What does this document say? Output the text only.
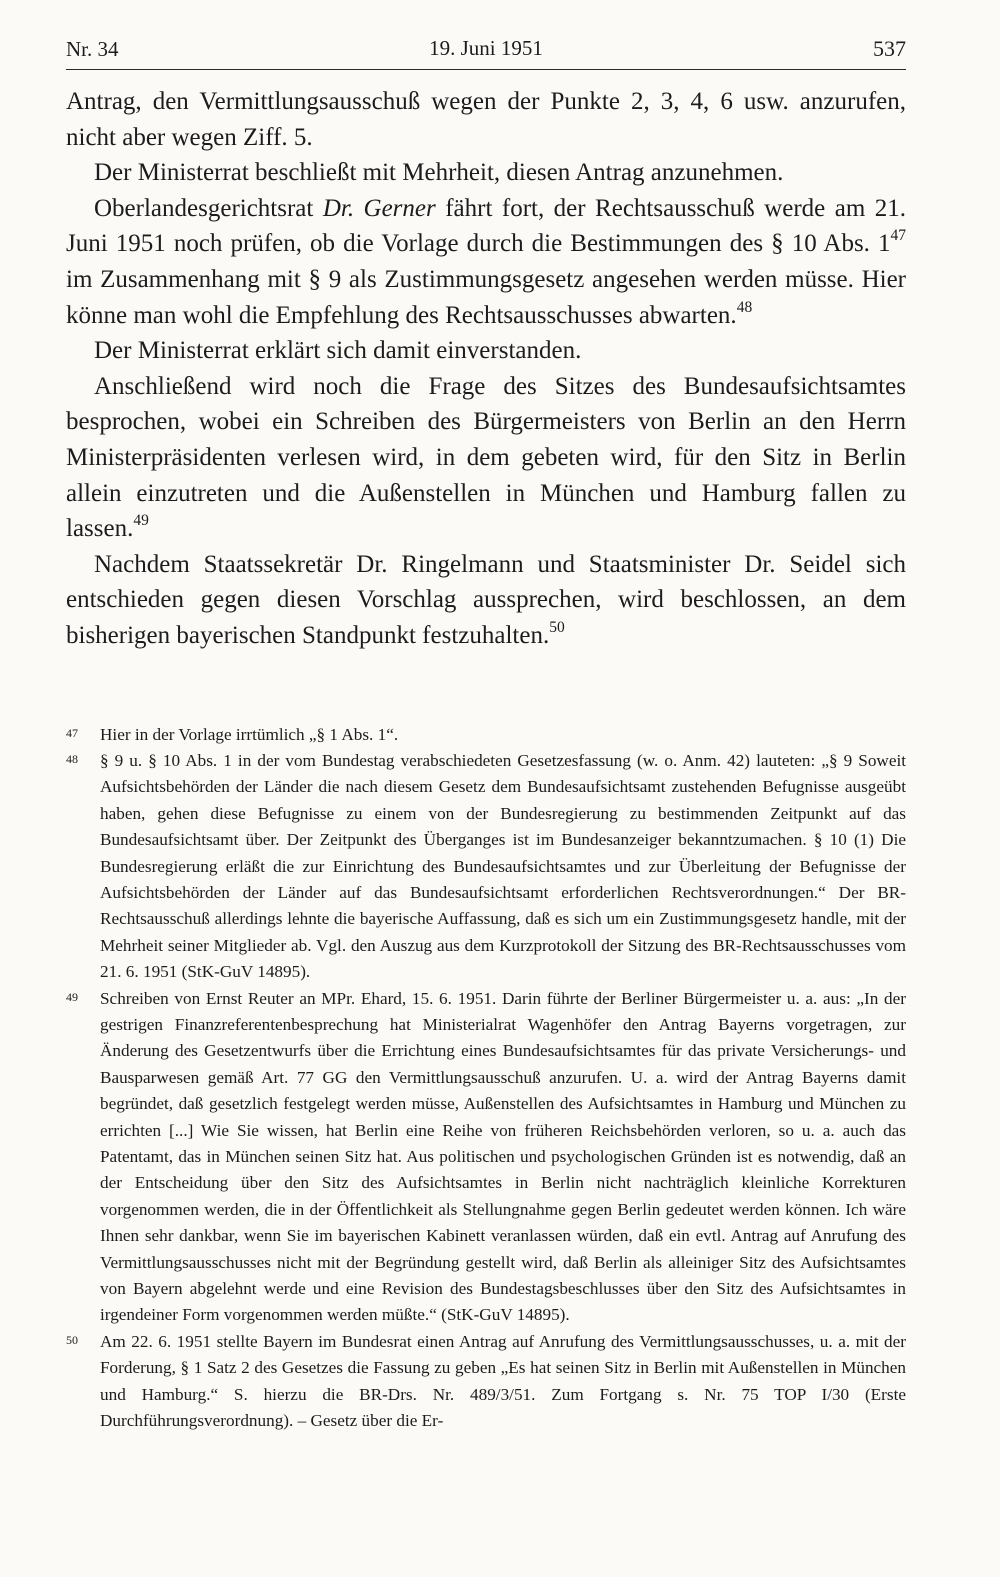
Nr. 34	19. Juni 1951	537

Antrag, den Vermittlungsausschuß wegen der Punkte 2, 3, 4, 6 usw. anzurufen, nicht aber wegen Ziff. 5.

Der Ministerrat beschließt mit Mehrheit, diesen Antrag anzunehmen.

Oberlandesgerichtsrat Dr. Gerner fährt fort, der Rechtsausschuß werde am 21. Juni 1951 noch prüfen, ob die Vorlage durch die Bestimmungen des § 10 Abs. $1^{47}$ im Zusammenhang mit § 9 als Zustimmungsgesetz angesehen werden müsse. Hier könne man wohl die Empfehlung des Rechtsausschusses abwarten.$^{48}$

Der Ministerrat erklärt sich damit einverstanden.

Anschließend wird noch die Frage des Sitzes des Bundesaufsichtsamtes besprochen, wobei ein Schreiben des Bürgermeisters von Berlin an den Herrn Ministerpräsidenten verlesen wird, in dem gebeten wird, für den Sitz in Berlin allein einzutreten und die Außenstellen in München und Hamburg fallen zu lassen.$^{49}$

Nachdem Staatssekretär Dr. Ringelmann und Staatsminister Dr. Seidel sich entschieden gegen diesen Vorschlag aussprechen, wird beschlossen, an dem bisherigen bayerischen Standpunkt festzuhalten.$^{50}$

47	Hier in der Vorlage irrtümlich „§ 1 Abs. 1“.
48	§ 9 u. § 10 Abs. 1 in der vom Bundestag verabschiedeten Gesetzesfassung (w. o. Anm. 42) lauteten: „§ 9 Soweit Aufsichtsbehörden der Länder die nach diesem Gesetz dem Bundesaufsichtsamt zustehenden Befugnisse ausgeübt haben, gehen diese Befugnisse zu einem von der Bundesregierung zu bestimmenden Zeitpunkt auf das Bundesaufsichtsamt über. Der Zeitpunkt des Überganges ist im Bundesanzeiger bekanntzumachen. § 10 (1) Die Bundesregierung erläßt die zur Einrichtung des Bundesaufsichtsamtes und zur Überleitung der Befugnisse der Aufsichtsbehörden der Länder auf das Bundesaufsichtsamt erforderlichen Rechtsverordnungen.“ Der BR-Rechtsausschuß allerdings lehnte die bayerische Auffassung, daß es sich um ein Zustimmungsgesetz handle, mit der Mehrheit seiner Mitglieder ab. Vgl. den Auszug aus dem Kurzprotokoll der Sitzung des BR-Rechtsausschusses vom 21. 6. 1951 (StK-GuV 14895).
49	Schreiben von Ernst Reuter an MPr. Ehard, 15. 6. 1951. Darin führte der Berliner Bürgermeister u. a. aus: „In der gestrigen Finanzreferentenbesprechung hat Ministerialrat Wagenhöfer den Antrag Bayerns vorgetragen, zur Änderung des Gesetzentwurfs über die Errichtung eines Bundesaufsichtsamtes für das private Versicherungs- und Bausparwesen gemäß Art. 77 GG den Vermittlungsausschuß anzurufen. U. a. wird der Antrag Bayerns damit begründet, daß gesetzlich festgelegt werden müsse, Außenstellen des Aufsichtsamtes in Hamburg und München zu errichten [...] Wie Sie wissen, hat Berlin eine Reihe von früheren Reichsbehörden verloren, so u. a. auch das Patentamt, das in München seinen Sitz hat. Aus politischen und psychologischen Gründen ist es notwendig, daß an der Entscheidung über den Sitz des Aufsichtsamtes in Berlin nicht nachträglich kleinliche Korrekturen vorgenommen werden, die in der Öffentlichkeit als Stellungnahme gegen Berlin gedeutet werden können. Ich wäre Ihnen sehr dankbar, wenn Sie im bayerischen Kabinett veranlassen würden, daß ein evtl. Antrag auf Anrufung des Vermittlungsausschusses nicht mit der Begründung gestellt wird, daß Berlin als alleiniger Sitz des Aufsichtsamtes von Bayern abgelehnt werde und eine Revision des Bundestagsbeschlusses über den Sitz des Aufsichtsamtes in irgendeiner Form vorgenommen werden müßte.“ (StK-GuV 14895).
50	Am 22. 6. 1951 stellte Bayern im Bundesrat einen Antrag auf Anrufung des Vermittlungsausschusses, u. a. mit der Forderung, § 1 Satz 2 des Gesetzes die Fassung zu geben „Es hat seinen Sitz in Berlin mit Außenstellen in München und Hamburg.“ S. hierzu die BR-Drs. Nr. 489/3/51. Zum Fortgang s. Nr. 75 TOP I/30 (Erste Durchführungsverordnung). – Gesetz über die Er-
